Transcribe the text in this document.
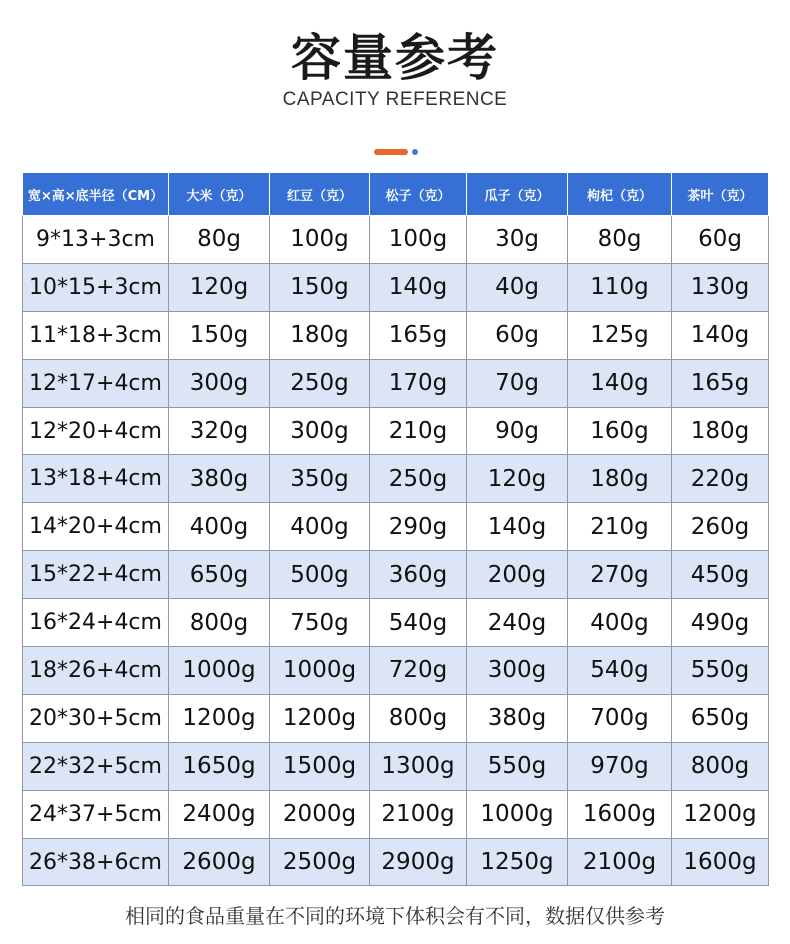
容量参考
CAPACITY REFERENCE
宽×高×底半径（CM）	大米（克）	红豆（克）	松子（克）	瓜子（克）	枸杞（克）	茶叶（克）
9*13+3cm	80g	100g	100g	30g	80g	60g
10*15+3cm	120g	150g	140g	40g	110g	130g
11*18+3cm	150g	180g	165g	60g	125g	140g
12*17+4cm	300g	250g	170g	70g	140g	165g
12*20+4cm	320g	300g	210g	90g	160g	180g
13*18+4cm	380g	350g	250g	120g	180g	220g
14*20+4cm	400g	400g	290g	140g	210g	260g
15*22+4cm	650g	500g	360g	200g	270g	450g
16*24+4cm	800g	750g	540g	240g	400g	490g
18*26+4cm	1000g	1000g	720g	300g	540g	550g
20*30+5cm	1200g	1200g	800g	380g	700g	650g
22*32+5cm	1650g	1500g	1300g	550g	970g	800g
24*37+5cm	2400g	2000g	2100g	1000g	1600g	1200g
26*38+6cm	2600g	2500g	2900g	1250g	2100g	1600g
相同的食品重量在不同的环境下体积会有不同，数据仅供参考
